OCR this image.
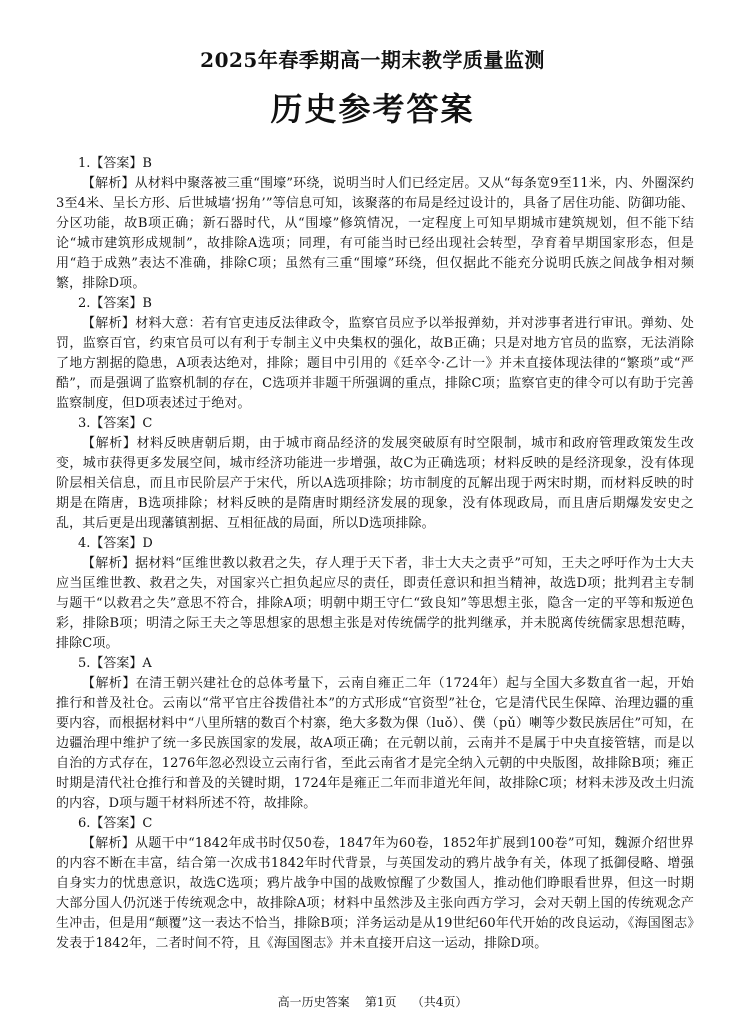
2025年春季期高一期末教学质量监测
历史参考答案

1.【答案】B

【解析】从材料中聚落被三重“围壕”环绕，说明当时人们已经定居。又从“每条宽9至11米，内、外圈深约3至4米、呈长方形、后世城墙‘拐角’”等信息可知，该聚落的布局是经过设计的，具备了居住功能、防御功能、分区功能，故B项正确；新石器时代，从“围壕”修筑情况，一定程度上可知早期城市建筑规划，但不能下结论“城市建筑形成规制”，故排除A选项；同理，有可能当时已经出现社会转型，孕育着早期国家形态，但是用“趋于成熟”表达不准确，排除C项；虽然有三重“围壕”环绕，但仅据此不能充分说明氏族之间战争相对频繁，排除D项。

2.【答案】B

【解析】材料大意：若有官吏违反法律政令，监察官员应予以举报弹劾，并对涉事者进行审讯。弹劾、处罚，监察百官，约束官员可以有利于专制主义中央集权的强化，故B正确；只是对地方官员的监察，无法消除了地方割据的隐患，A项表达绝对，排除；题目中引用的《廷卒令·乙计一》并未直接体现法律的“繁琐”或“严酷”，而是强调了监察机制的存在，C选项并非题干所强调的重点，排除C项；监察官吏的律令可以有助于完善监察制度，但D项表述过于绝对。

3.【答案】C

【解析】材料反映唐朝后期，由于城市商品经济的发展突破原有时空限制，城市和政府管理政策发生改变，城市获得更多发展空间，城市经济功能进一步增强，故C为正确选项；材料反映的是经济现象，没有体现阶层相关信息，而且市民阶层产于宋代，所以A选项排除；坊市制度的瓦解出现于两宋时期，而材料反映的时期是在隋唐，B选项排除；材料反映的是隋唐时期经济发展的现象，没有体现政局，而且唐后期爆发安史之乱，其后更是出现藩镇割据、互相征战的局面，所以D选项排除。

4.【答案】D

【解析】据材料“匡维世教以救君之失，存人理于天下者，非士大夫之责乎”可知，王夫之呼吁作为士大夫应当匡维世教、救君之失，对国家兴亡担负起应尽的责任，即责任意识和担当精神，故选D项；批判君主专制与题干“以救君之失”意思不符合，排除A项；明朝中期王守仁“致良知”等思想主张，隐含一定的平等和叛逆色彩，排除B项；明清之际王夫之等思想家的思想主张是对传统儒学的批判继承，并未脱离传统儒家思想范畴，排除C项。

5.【答案】A

【解析】在清王朝兴建社仓的总体考量下，云南自雍正二年（1724年）起与全国大多数直省一起，开始推行和普及社仓。云南以“常平官庄谷拨借社本”的方式形成“官资型”社仓，它是清代民生保障、治理边疆的重要内容，而根据材料中“八里所辖的数百个村寨，绝大多数为倮（luǒ）、僕（pǔ）喇等少数民族居住”可知，在边疆治理中维护了统一多民族国家的发展，故A项正确；在元朝以前，云南并不是属于中央直接管辖，而是以自治的方式存在，1276年忽必烈设立云南行省，至此云南省才是完全纳入元朝的中央版图，故排除B项；雍正时期是清代社仓推行和普及的关键时期，1724年是雍正二年而非道光年间，故排除C项；材料未涉及改土归流的内容，D项与题干材料所述不符，故排除。

6.【答案】C

【解析】从题干中“1842年成书时仅50卷，1847年为60卷，1852年扩展到100卷”可知，魏源介绍世界的内容不断在丰富，结合第一次成书1842年时代背景，与英国发动的鸦片战争有关，体现了抵御侵略、增强自身实力的忧患意识，故选C选项；鸦片战争中国的战败惊醒了少数国人，推动他们睁眼看世界，但这一时期大部分国人仍沉迷于传统观念中，故排除A项；材料中虽然涉及主张向西方学习，会对天朝上国的传统观念产生冲击，但是用“颠覆”这一表达不恰当，排除B项；洋务运动是从19世纪60年代开始的改良运动，《海国图志》发表于1842年，二者时间不符，且《海国图志》并未直接开启这一运动，排除D项。

高一历史答案    第1页    （共4页）
